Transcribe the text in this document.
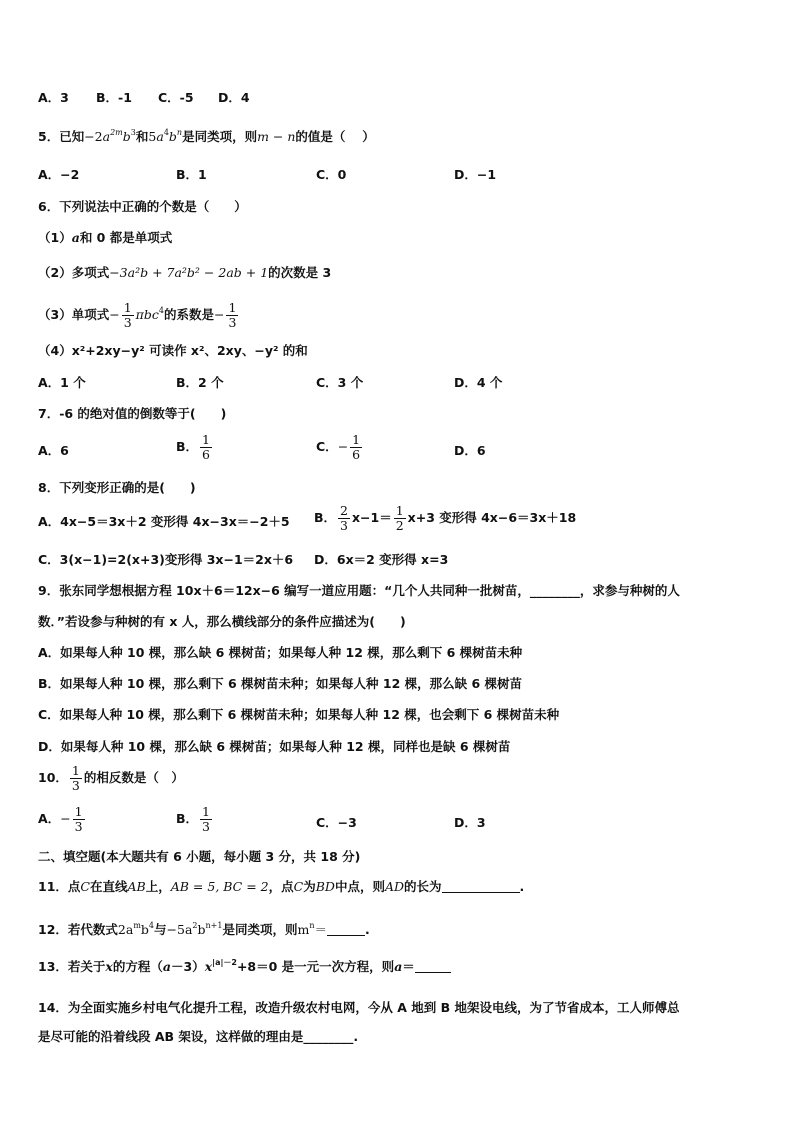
A．3 B．-1 C．-5 D．4
5．已知$-2a^{2m}b^3$和$5a^4b^n$是同类项，则m − n的值是（　 ）
A．−2	B．1	C．0	D．−1
6．下列说法中正确的个数是（　　）
（1）a和 0 都是单项式
（2）多项式−3a²b + 7a²b² − 2ab + 1的次数是 3
（3）单项式− $\frac{1}{3} \pi bc^4$的系数是− $\frac{1}{3}$
（4）x²+2xy−y² 可读作 x²、2xy、−y² 的和
A．1 个	B．2 个	C．3 个	D．4 个
7．-6 的绝对值的倒数等于(　　)
A．6	B． $\frac{1}{6}$	C．− $\frac{1}{6}$	D．6
8．下列变形正确的是(　　)
A．4x−5＝3x＋2 变形得 4x−3x＝−2＋5 B． $\frac{2}{3} x-1= \frac{1}{2} x+3$ 变形得 4x−6＝3x＋18
C．3(x−1)=2(x+3)变形得 3x−1＝2x＋6 D．6x＝2 变形得 x=3
9．张东同学想根据方程 10x＋6＝12x−6 编写一道应用题：“几个人共同种一批树苗，________，求参与种树的人
数．”若设参与种树的有 x 人，那么横线部分的条件应描述为(　　)
A．如果每人种 10 棵，那么缺 6 棵树苗；如果每人种 12 棵，那么剩下 6 棵树苗未种
B．如果每人种 10 棵，那么剩下 6 棵树苗未种；如果每人种 12 棵，那么缺 6 棵树苗
C．如果每人种 10 棵，那么剩下 6 棵树苗未种；如果每人种 12 棵，也会剩下 6 棵树苗未种
D．如果每人种 10 棵，那么缺 6 棵树苗；如果每人种 12 棵，同样也是缺 6 棵树苗
10． $\frac{1}{3}$ 的相反数是（　）
A．− $\frac{1}{3}$	B． $\frac{1}{3}$	C．−3	D．3
二、填空题(本大题共有 6 小题，每小题 3 分，共 18 分)
11．点C在直线AB上，AB = 5, BC = 2，点C为BD中点，则AD的长为	.
12．若代数式$2a^mb^4$与$-5a^2b^{n+1}$是同类项，则$m^n=$	.
13．若关于x的方程$(a-3)x^{|a|-2}+8=0$ 是一元一次方程，则a＝
14．为全面实施乡村电气化提升工程，改造升级农村电网，今从 A 地到 B 地架设电线，为了节省成本，工人师傅总
是尽可能的沿着线段 AB 架设，这样做的理由是________.
